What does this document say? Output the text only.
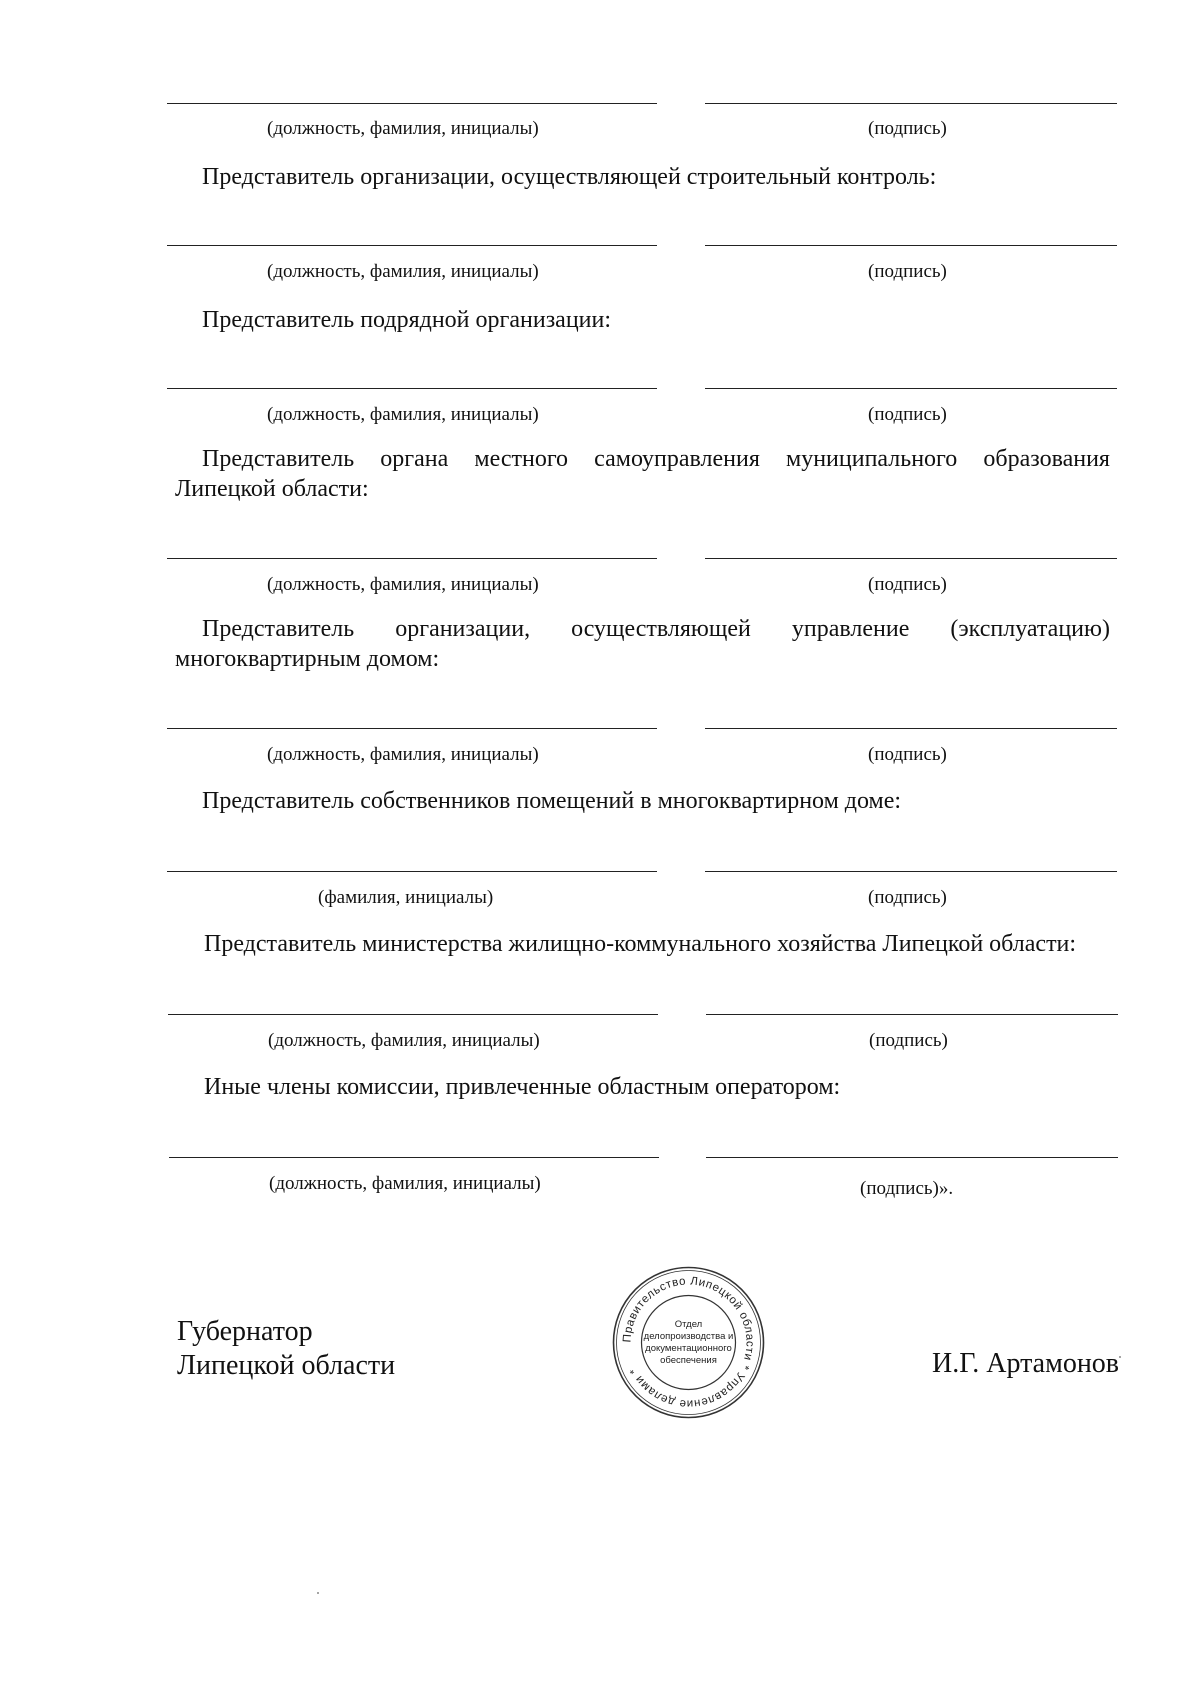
(должность, фамилия, инициалы)	(подпись)
Представитель организации, осуществляющей строительный контроль:
(должность, фамилия, инициалы)	(подпись)
Представитель подрядной организации:
(должность, фамилия, инициалы)	(подпись)
Представитель органа местного самоуправления муниципального образования
Липецкой области:
(должность, фамилия, инициалы)	(подпись)
Представитель организации, осуществляющей управление (эксплуатацию)
многоквартирным домом:
(должность, фамилия, инициалы)	(подпись)
Представитель собственников помещений в многоквартирном доме:
(фамилия, инициалы)	(подпись)
Представитель министерства жилищно-коммунального хозяйства Липецкой области:
(должность, фамилия, инициалы)	(подпись)
Иные члены комиссии, привлеченные областным оператором:
(должность, фамилия, инициалы)	(подпись)».
Губернатор
Липецкой области	И.Г. Артамонов
Правительство Липецкой области * Управление делами *
Отдел
делопроизводства и
документационного
обеспечения
